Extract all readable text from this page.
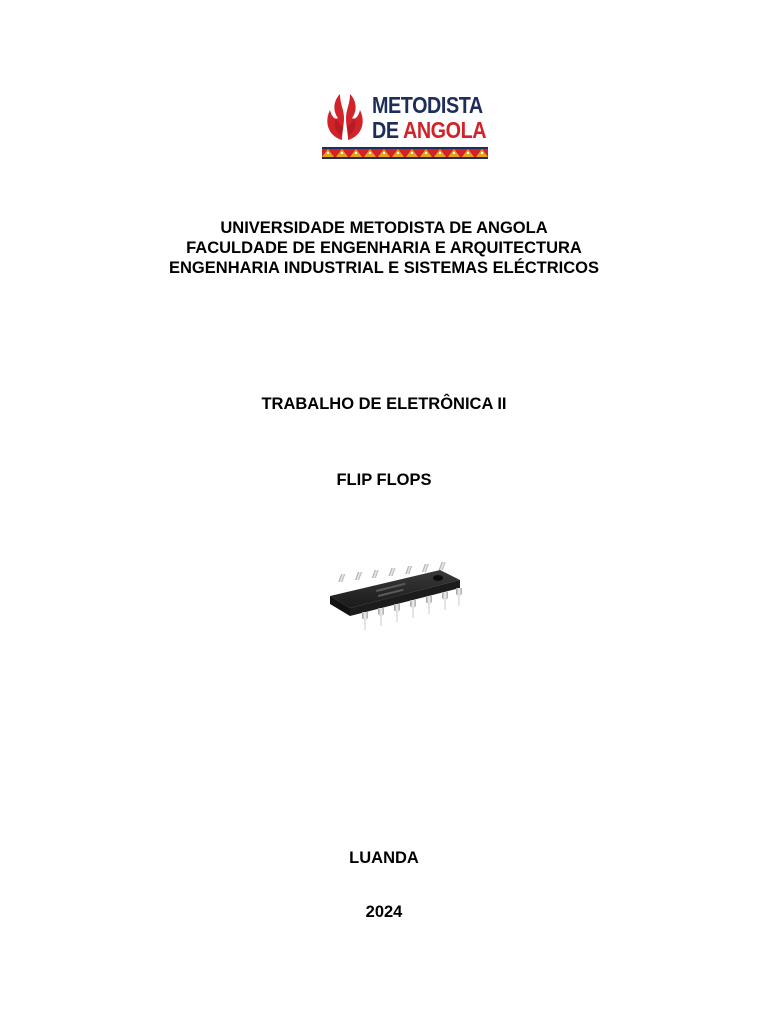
METODISTA
DE ANGOLA
UNIVERSIDADE METODISTA DE ANGOLA
FACULDADE DE ENGENHARIA E ARQUITECTURA
ENGENHARIA INDUSTRIAL E SISTEMAS ELÉCTRICOS
TRABALHO DE ELETRÔNICA II
FLIP FLOPS
LUANDA
2024
